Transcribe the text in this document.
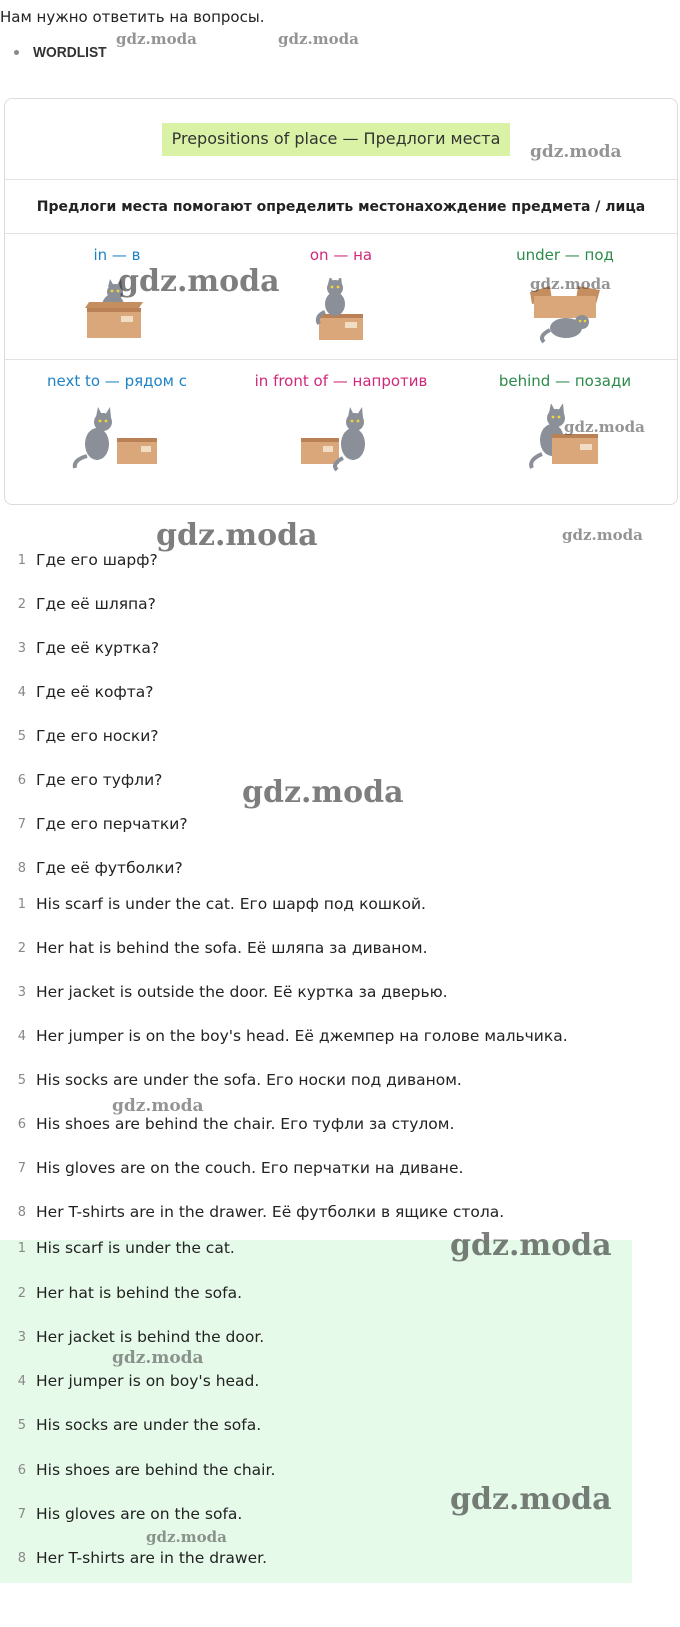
Нам нужно ответить на вопросы.
WORDLIST
Prepositions of place — Предлоги места
Предлоги места помогают определить местонахождение предмета / лица
in — в	on — на	under — под
next to — рядом с	in front of — напротив	behind — позади
1 Где его шарф?
2 Где её шляпа?
3 Где её куртка?
4 Где её кофта?
5 Где его носки?
6 Где его туфли?
7 Где его перчатки?
8 Где её футболки?
1 His scarf is under the cat. Его шарф под кошкой.
2 Her hat is behind the sofa. Её шляпа за диваном.
3 Her jacket is outside the door. Её куртка за дверью.
4 Her jumper is on the boy's head. Её джемпер на голове мальчика.
5 His socks are under the sofa. Его носки под диваном.
6 His shoes are behind the chair. Его туфли за стулом.
7 His gloves are on the couch. Его перчатки на диване.
8 Her T-shirts are in the drawer. Её футболки в ящике стола.
1 His scarf is under the cat.
2 Her hat is behind the sofa.
3 Her jacket is behind the door.
4 Her jumper is on boy's head.
5 His socks are under the sofa.
6 His shoes are behind the chair.
7 His gloves are on the sofa.
8 Her T-shirts are in the drawer.
gdz.moda	gdz.moda
gdz.moda
gdz.moda	gdz.moda
gdz.moda
gdz.moda	gdz.moda
gdz.moda
gdz.moda
gdz.moda
gdz.moda
gdz.moda
gdz.moda
